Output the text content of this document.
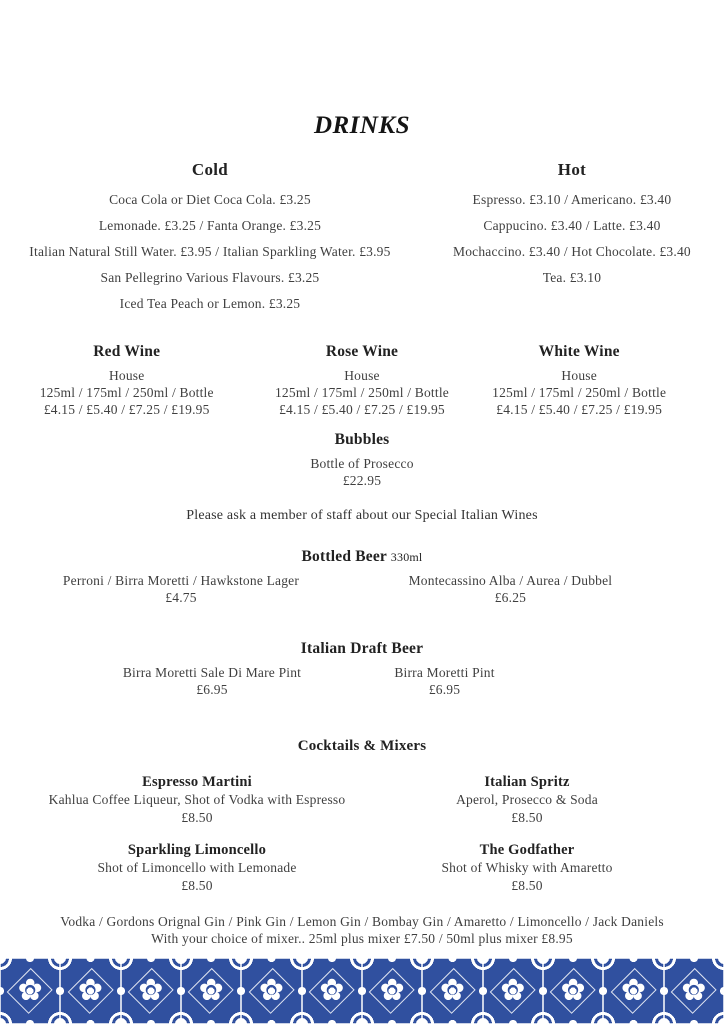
DRINKS
Cold

Coca Cola or Diet Coca Cola. £3.25

Lemonade. £3.25 / Fanta Orange. £3.25

Italian Natural Still Water. £3.95 / Italian Sparkling Water. £3.95

San Pellegrino Various Flavours. £3.25

Iced Tea Peach or Lemon. £3.25

Hot

Espresso. £3.10 / Americano. £3.40

Cappucino. £3.40 / Latte. £3.40

Mochaccino. £3.40 / Hot Chocolate. £3.40

Tea. £3.10

Red Wine

House

125ml / 175ml / 250ml / Bottle

£4.15 / £5.40 / £7.25 / £19.95

Rose Wine

House

125ml / 175ml / 250ml / Bottle

£4.15 / £5.40 / £7.25 / £19.95

White Wine

House

125ml / 175ml / 250ml / Bottle

£4.15 / £5.40 / £7.25 / £19.95

Bubbles

Bottle of Prosecco

£22.95

Please ask a member of staff about our Special Italian Wines

Bottled Beer 330ml

Perroni / Birra Moretti / Hawkstone Lager

£4.75

Montecassino Alba / Aurea / Dubbel

£6.25

Italian Draft Beer

Birra Moretti Sale Di Mare Pint

£6.95

Birra Moretti Pint

£6.95

Cocktails & Mixers
Espresso Martini

Kahlua Coffee Liqueur, Shot of Vodka with Espresso

£8.50

Italian Spritz

Aperol, Prosecco & Soda

£8.50

Sparkling Limoncello

Shot of Limoncello with Lemonade

£8.50

The Godfather

Shot of Whisky with Amaretto

£8.50

Vodka / Gordons Orignal Gin / Pink Gin / Lemon Gin / Bombay Gin / Amaretto / Limoncello / Jack Daniels

With your choice of mixer.. 25ml plus mixer £7.50 / 50ml plus mixer £8.95

✿	✿	✿	✿	✿	✿	✿	✿	✿	✿	✿	✿
